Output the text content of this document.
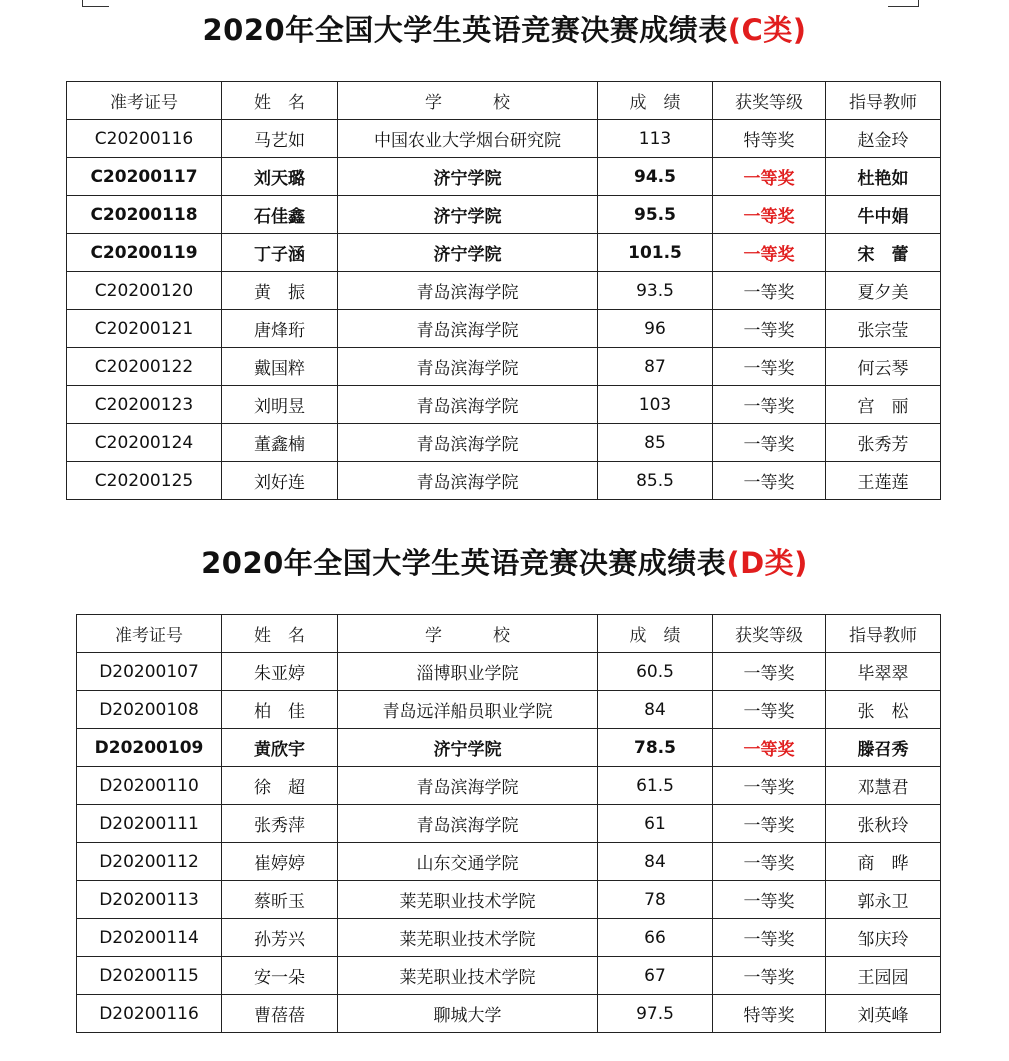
2020年全国大学生英语竞赛决赛成绩表(C类)
准考证号	姓　名	学　　　校	成　绩	获奖等级	指导教师
C20200116	马艺如	中国农业大学烟台研究院	113	特等奖	赵金玲
C20200117	刘天璐	济宁学院	94.5	一等奖	杜艳如
C20200118	石佳鑫	济宁学院	95.5	一等奖	牛中娟
C20200119	丁子涵	济宁学院	101.5	一等奖	宋　蕾
C20200120	黄　振	青岛滨海学院	93.5	一等奖	夏夕美
C20200121	唐烽珩	青岛滨海学院	96	一等奖	张宗莹
C20200122	戴国粹	青岛滨海学院	87	一等奖	何云琴
C20200123	刘明昱	青岛滨海学院	103	一等奖	宫　丽
C20200124	董鑫楠	青岛滨海学院	85	一等奖	张秀芳
C20200125	刘好连	青岛滨海学院	85.5	一等奖	王莲莲
2020年全国大学生英语竞赛决赛成绩表(D类)
准考证号	姓　名	学　　　校	成　绩	获奖等级	指导教师
D20200107	朱亚婷	淄博职业学院	60.5	一等奖	毕翠翠
D20200108	柏　佳	青岛远洋船员职业学院	84	一等奖	张　松
D20200109	黄欣宇	济宁学院	78.5	一等奖	滕召秀
D20200110	徐　超	青岛滨海学院	61.5	一等奖	邓慧君
D20200111	张秀萍	青岛滨海学院	61	一等奖	张秋玲
D20200112	崔婷婷	山东交通学院	84	一等奖	商　晔
D20200113	蔡昕玉	莱芜职业技术学院	78	一等奖	郭永卫
D20200114	孙芳兴	莱芜职业技术学院	66	一等奖	邹庆玲
D20200115	安一朵	莱芜职业技术学院	67	一等奖	王园园
D20200116	曹蓓蓓	聊城大学	97.5	特等奖	刘英峰
